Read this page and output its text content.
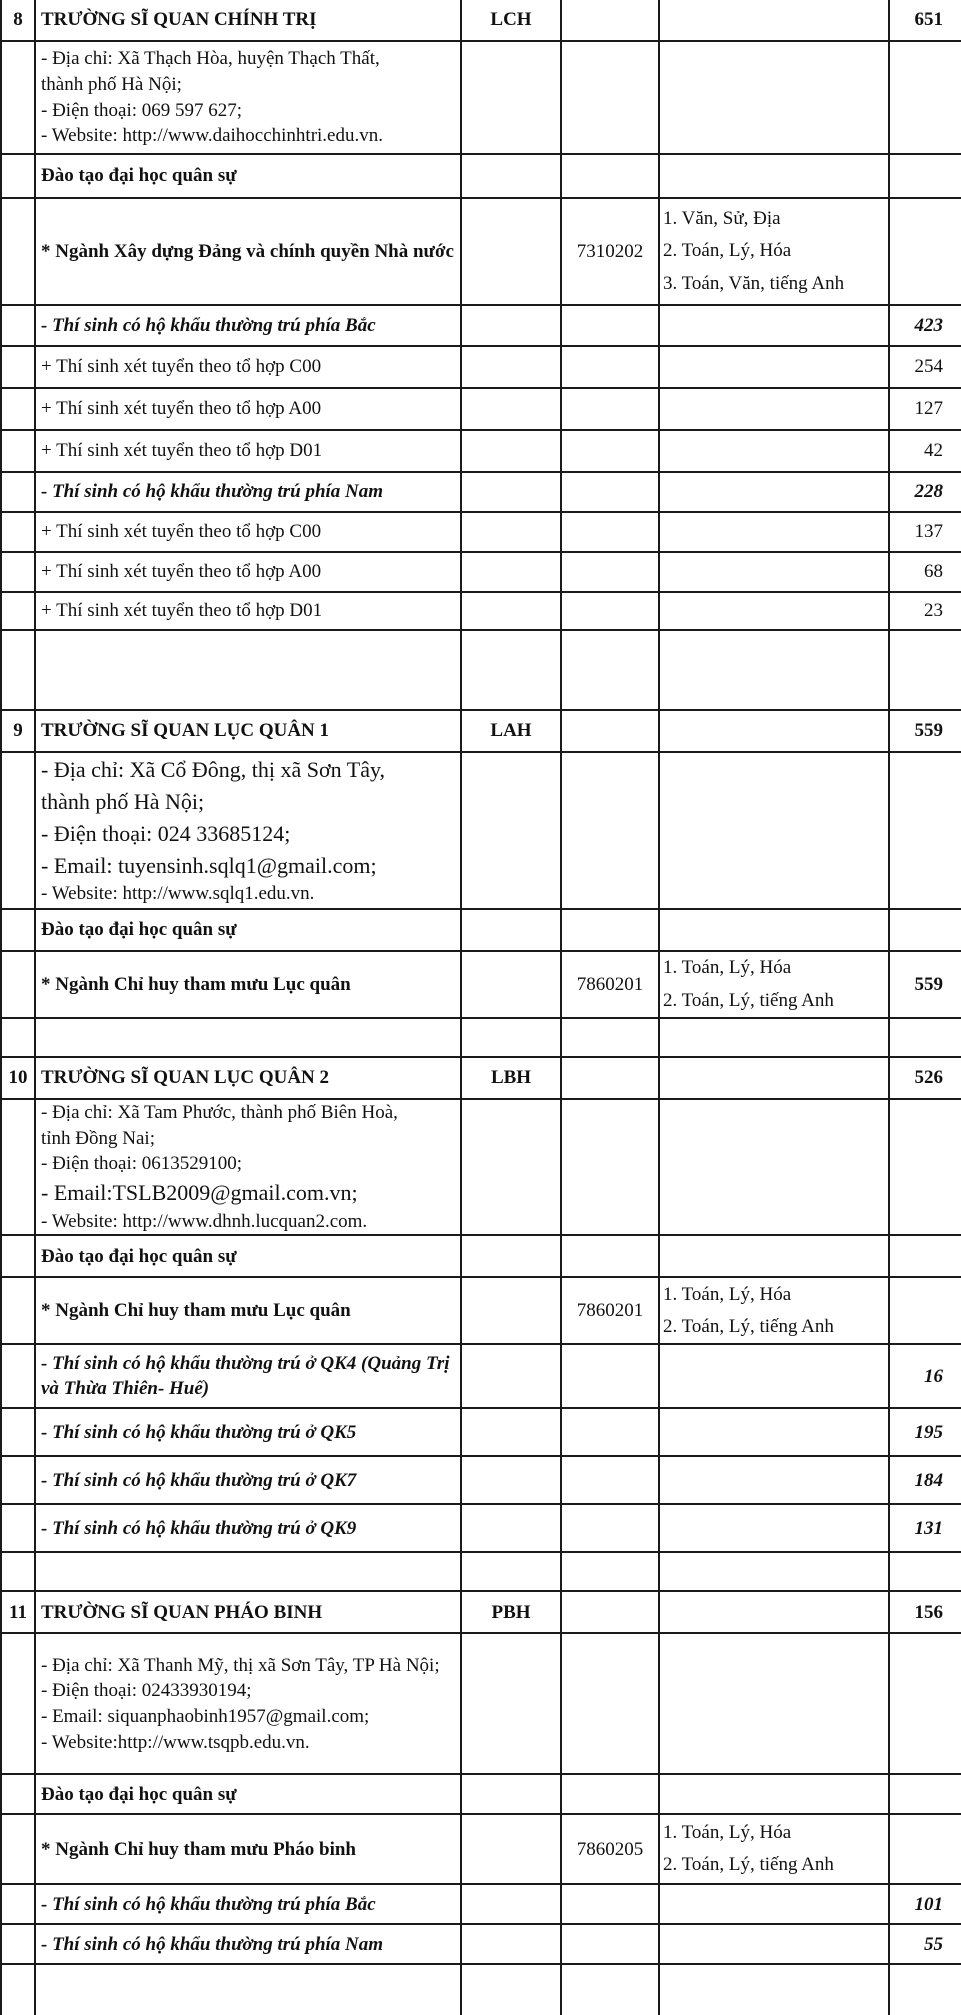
8	TRƯỜNG SĨ QUAN CHÍNH TRỊ	LCH			651

	- Địa chỉ: Xã Thạch Hòa, huyện Thạch Thất,
thành phố Hà Nội;
- Điện thoại: 069 597 627;
- Website: http://www.daihocchinhtri.edu.vn.				

	Đào tạo đại học quân sự				
	* Ngành Xây dựng Đảng và chính quyền Nhà nước		7310202	1. Văn, Sử, Địa
2. Toán, Lý, Hóa
3. Toán, Văn, tiếng Anh	

	- Thí sinh có hộ khẩu thường trú phía Bắc				423
	+ Thí sinh xét tuyển theo tổ hợp C00				254
	+ Thí sinh xét tuyển theo tổ hợp A00				127
	+ Thí sinh xét tuyển theo tổ hợp D01				42
	- Thí sinh có hộ khẩu thường trú phía Nam				228
	+ Thí sinh xét tuyển theo tổ hợp C00				137
	+ Thí sinh xét tuyển theo tổ hợp A00				68
	+ Thí sinh xét tuyển theo tổ hợp D01				23

9	TRƯỜNG SĨ QUAN LỤC QUÂN 1	LAH			559

	- Địa chỉ: Xã Cổ Đông, thị xã Sơn Tây,
thành phố Hà Nội;
- Điện thoại: 024 33685124;
- Email: tuyensinh.sqlq1@gmail.com;
- Website: http://www.sqlq1.edu.vn.				

	Đào tạo đại học quân sự				
	* Ngành Chỉ huy tham mưu Lục quân		7860201	1. Toán, Lý, Hóa
2. Toán, Lý, tiếng Anh	559

10	TRƯỜNG SĨ QUAN LỤC QUÂN 2	LBH			526

	- Địa chỉ: Xã Tam Phước, thành phố Biên Hoà,
tỉnh Đồng Nai;
- Điện thoại: 0613529100;
- Email:TSLB2009@gmail.com.vn;
- Website: http://www.dhnh.lucquan2.com.				

	Đào tạo đại học quân sự				
	* Ngành Chỉ huy tham mưu Lục quân		7860201	1. Toán, Lý, Hóa
2. Toán, Lý, tiếng Anh	

	- Thí sinh có hộ khẩu thường trú ở QK4 (Quảng Trị và Thừa Thiên- Huế)				16
	- Thí sinh có hộ khẩu thường trú ở QK5				195
	- Thí sinh có hộ khẩu thường trú ở QK7				184
	- Thí sinh có hộ khẩu thường trú ở QK9				131

11	TRƯỜNG SĨ QUAN PHÁO BINH	PBH			156

	- Địa chỉ: Xã Thanh Mỹ, thị xã Sơn Tây, TP Hà Nội;
- Điện thoại: 02433930194;
- Email: siquanphaobinh1957@gmail.com;
- Website:http://www.tsqpb.edu.vn.				

	Đào tạo đại học quân sự				
	* Ngành Chỉ huy tham mưu Pháo binh		7860205	1. Toán, Lý, Hóa
2. Toán, Lý, tiếng Anh	

	- Thí sinh có hộ khẩu thường trú phía Bắc				101
	- Thí sinh có hộ khẩu thường trú phía Nam				55
